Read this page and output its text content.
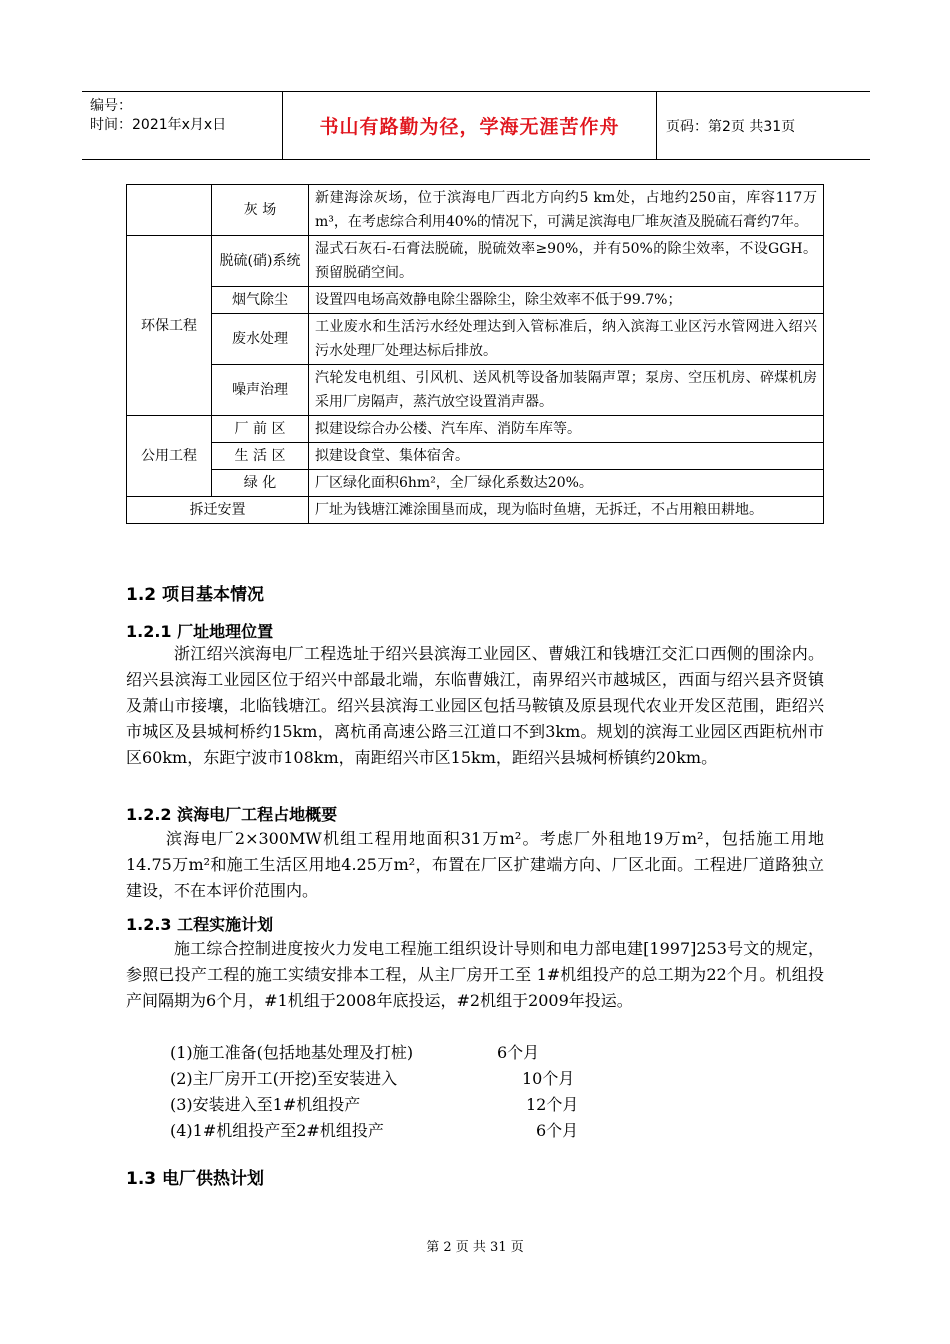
编号：
时间：2021年x月x日	书山有路勤为径，学海无涯苦作舟	页码：第2页 共31页
	灰 场	新建海涂灰场，位于滨海电厂西北方向约5 km处，占地约250亩，库容117万m³，在考虑综合利用40%的情况下，可满足滨海电厂堆灰渣及脱硫石膏约7年。
环保工程	脱硫(硝)系统	湿式石灰石-石膏法脱硫，脱硫效率≥90%，并有50%的除尘效率，不设GGH。预留脱硝空间。
	烟气除尘	设置四电场高效静电除尘器除尘，除尘效率不低于99.7%；
	废水处理	工业废水和生活污水经处理达到入管标准后，纳入滨海工业区污水管网进入绍兴污水处理厂处理达标后排放。
	噪声治理	汽轮发电机组、引风机、送风机等设备加装隔声罩；泵房、空压机房、碎煤机房采用厂房隔声，蒸汽放空设置消声器。
公用工程	厂 前 区	拟建设综合办公楼、汽车库、消防车库等。
	生 活 区	拟建设食堂、集体宿舍。
	绿 化	厂区绿化面积6hm²，全厂绿化系数达20%。
拆迁安置		厂址为钱塘江滩涂围垦而成，现为临时鱼塘，无拆迁，不占用粮田耕地。
1.2 项目基本情况
1.2.1 厂址地理位置

浙江绍兴滨海电厂工程选址于绍兴县滨海工业园区、曹娥江和钱塘江交汇口西侧的围涂内。绍兴县滨海工业园区位于绍兴中部最北端，东临曹娥江，南界绍兴市越城区，西面与绍兴县齐贤镇及萧山市接壤，北临钱塘江。绍兴县滨海工业园区包括马鞍镇及原县现代农业开发区范围，距绍兴市城区及县城柯桥约15km，离杭甬高速公路三江道口不到3km。规划的滨海工业园区西距杭州市区60km，东距宁波市108km，南距绍兴市区15km，距绍兴县城柯桥镇约20km。

1.2.2 滨海电厂工程占地概要

滨海电厂2×300MW机组工程用地面积31万m²。考虑厂外租地19万m²，包括施工用地14.75万m²和施工生活区用地4.25万m²，布置在厂区扩建端方向、厂区北面。工程进厂道路独立建设，不在本评价范围内。

1.2.3 工程实施计划

施工综合控制进度按火力发电工程施工组织设计导则和电力部电建[1997]253号文的规定，参照已投产工程的施工实绩安排本工程，从主厂房开工至 1#机组投产的总工期为22个月。机组投产间隔期为6个月，#1机组于2008年底投运，#2机组于2009年投运。

(1)施工准备(包括地基处理及打桩)	6个月
(2)主厂房开工(开挖)至安装进入	10个月
(3)安装进入至1#机组投产	12个月
(4)1#机组投产至2#机组投产	6个月
1.3 电厂供热计划
第 2 页 共 31 页
